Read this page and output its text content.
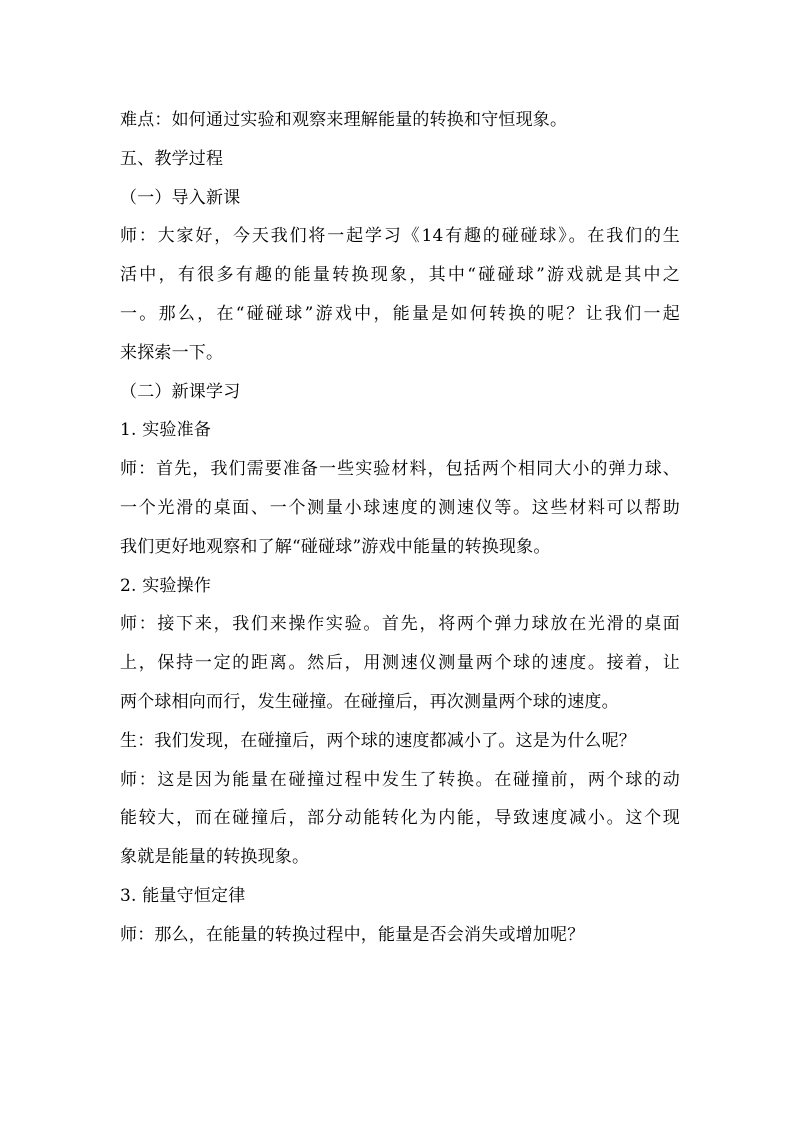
难点：如何通过实验和观察来理解能量的转换和守恒现象。
五、教学过程
（一）导入新课
师：大家好，今天我们将一起学习《14有趣的碰碰球》。在我们的生
活中，有很多有趣的能量转换现象，其中“碰碰球”游戏就是其中之
一。那么，在“碰碰球”游戏中，能量是如何转换的呢？让我们一起
来探索一下。
（二）新课学习
1. 实验准备
师：首先，我们需要准备一些实验材料，包括两个相同大小的弹力球、
一个光滑的桌面、一个测量小球速度的测速仪等。这些材料可以帮助
我们更好地观察和了解“碰碰球”游戏中能量的转换现象。
2. 实验操作
师：接下来，我们来操作实验。首先，将两个弹力球放在光滑的桌面
上，保持一定的距离。然后，用测速仪测量两个球的速度。接着，让
两个球相向而行，发生碰撞。在碰撞后，再次测量两个球的速度。
生：我们发现，在碰撞后，两个球的速度都减小了。这是为什么呢？
师：这是因为能量在碰撞过程中发生了转换。在碰撞前，两个球的动
能较大，而在碰撞后，部分动能转化为内能，导致速度减小。这个现
象就是能量的转换现象。
3. 能量守恒定律
师：那么，在能量的转换过程中，能量是否会消失或增加呢？
